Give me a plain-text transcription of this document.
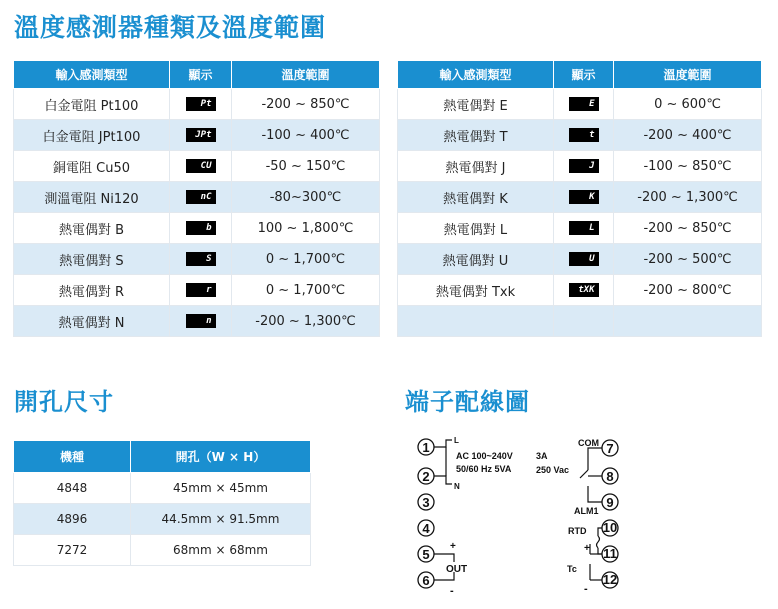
溫度感測器種類及溫度範圍
輸入感測類型	顯示	溫度範圍
白金電阻 Pt100	Pt	-200 ~ 850℃
白金電阻 JPt100	JPt	-100 ~ 400℃
銅電阻 Cu50	CU	-50 ~ 150℃
測溫電阻 Ni120	nC	-80~300℃
熱電偶對 B	b	100 ~ 1,800℃
熱電偶對 S	S	0 ~ 1,700℃
熱電偶對 R	r	0 ~ 1,700℃
熱電偶對 N	n	-200 ~ 1,300℃
輸入感測類型	顯示	溫度範圍
熱電偶對 E	E	0 ~ 600℃
熱電偶對 T	t	-200 ~ 400℃
熱電偶對 J	J	-100 ~ 850℃
熱電偶對 K	K	-200 ~ 1,300℃
熱電偶對 L	L	-200 ~ 850℃
熱電偶對 U	U	-200 ~ 500℃
熱電偶對 Txk	tXK	-200 ~ 800℃

開孔尺寸	端子配線圖
機種	開孔（W × H）
4848	45mm × 45mm
4896	44.5mm × 91.5mm
7272	68mm × 68mm
1
2
3
4
5
6
L
N
AC 100~240V
50/60 Hz 5VA
+
-
OUT
7
8
9
10
11
12
COM
3A
250 Vac
ALM1
RTD
+
Tc
-
